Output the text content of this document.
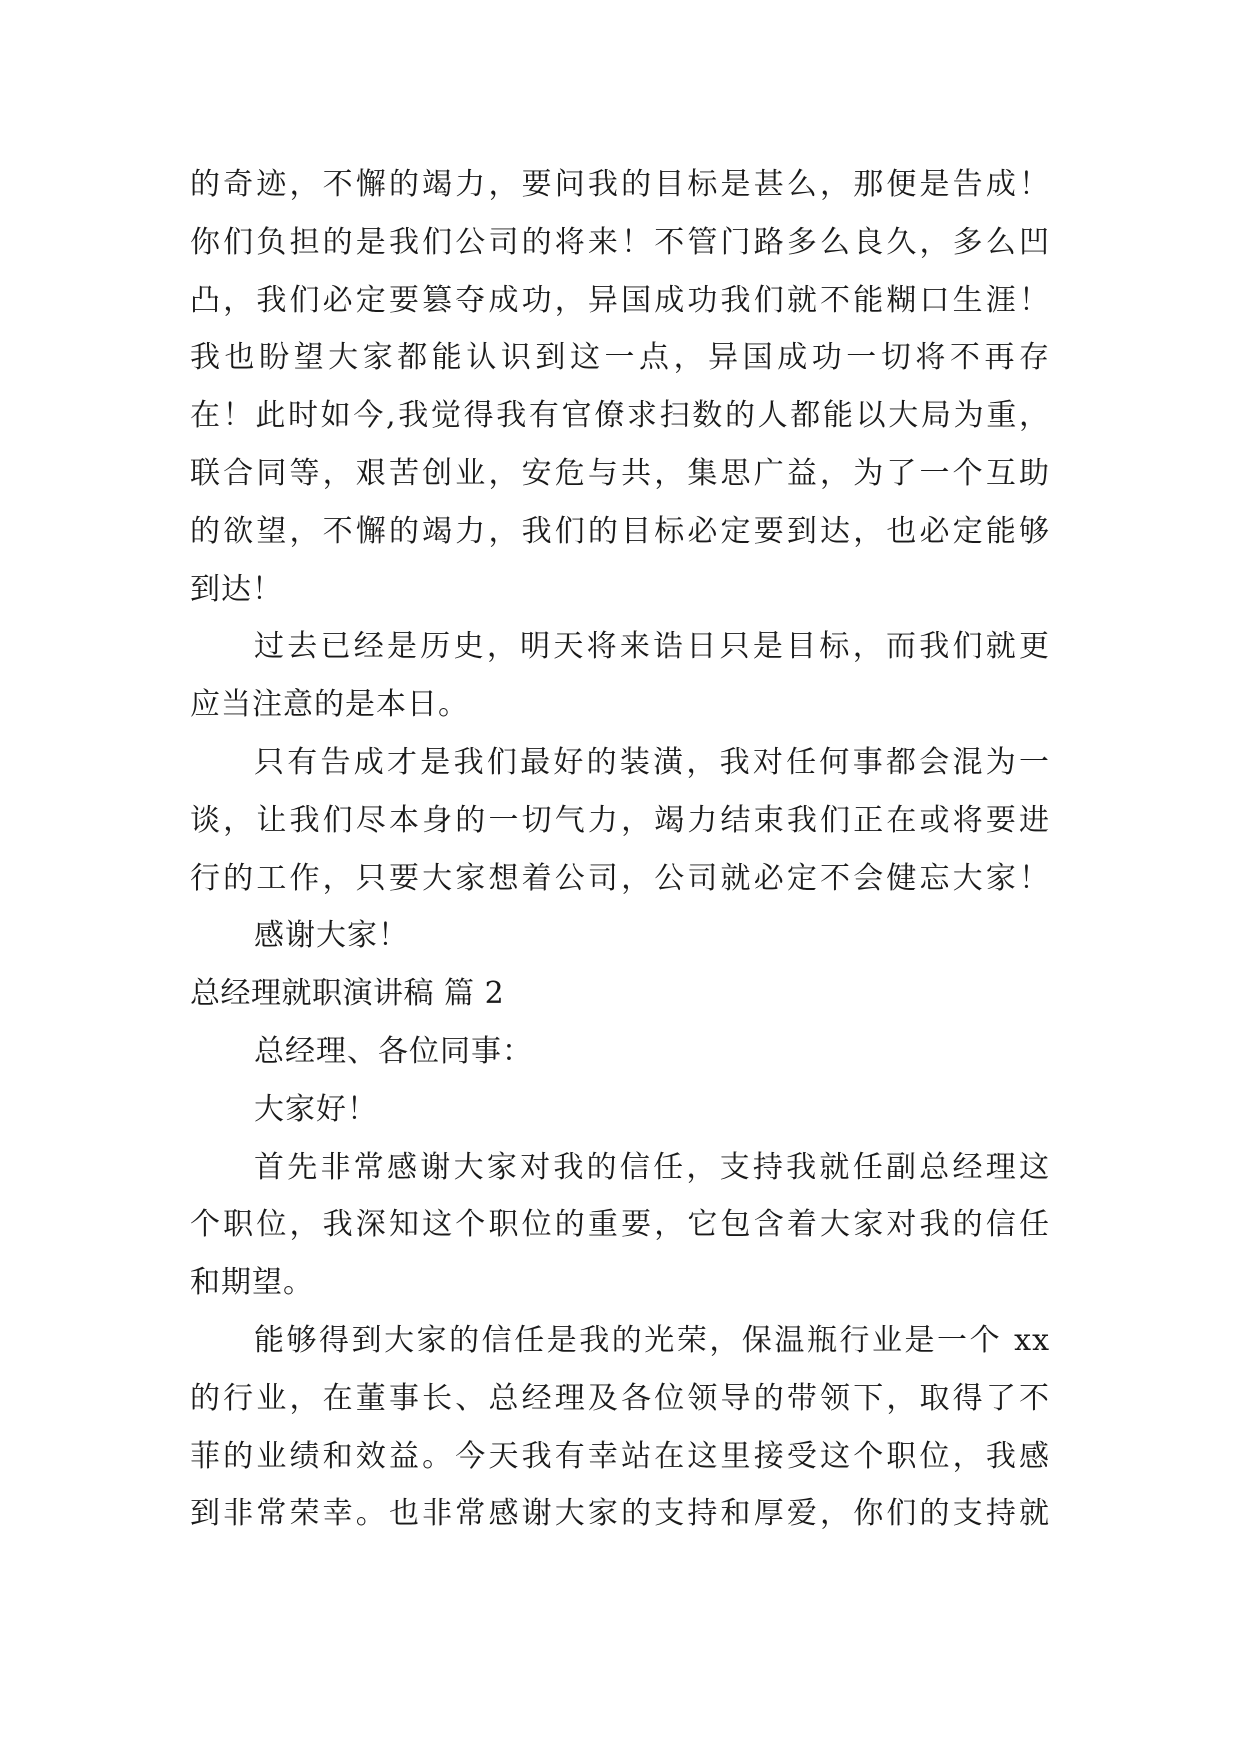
的奇迹，不懈的竭力，要问我的目标是甚么，那便是告成！
你们负担的是我们公司的将来！不管门路多么良久，多么凹
凸，我们必定要篡夺成功，异国成功我们就不能糊口生涯！
我也盼望大家都能认识到这一点，异国成功一切将不再存
在！此时如今,我觉得我有官僚求扫数的人都能以大局为重，
联合同等，艰苦创业，安危与共，集思广益，为了一个互助
的欲望，不懈的竭力，我们的目标必定要到达，也必定能够
到达！
过去已经是历史，明天将来诰日只是目标，而我们就更
应当注意的是本日。
只有告成才是我们最好的装潢，我对任何事都会混为一
谈，让我们尽本身的一切气力，竭力结束我们正在或将要进
行的工作，只要大家想着公司，公司就必定不会健忘大家！
感谢大家！
总经理就职演讲稿 篇 2
总经理、各位同事：
大家好！
首先非常感谢大家对我的信任，支持我就任副总经理这
个职位，我深知这个职位的重要，它包含着大家对我的信任
和期望。
能够得到大家的信任是我的光荣，保温瓶行业是一个 xx
的行业，在董事长、总经理及各位领导的带领下，取得了不
菲的业绩和效益。今天我有幸站在这里接受这个职位，我感
到非常荣幸。也非常感谢大家的支持和厚爱，你们的支持就
